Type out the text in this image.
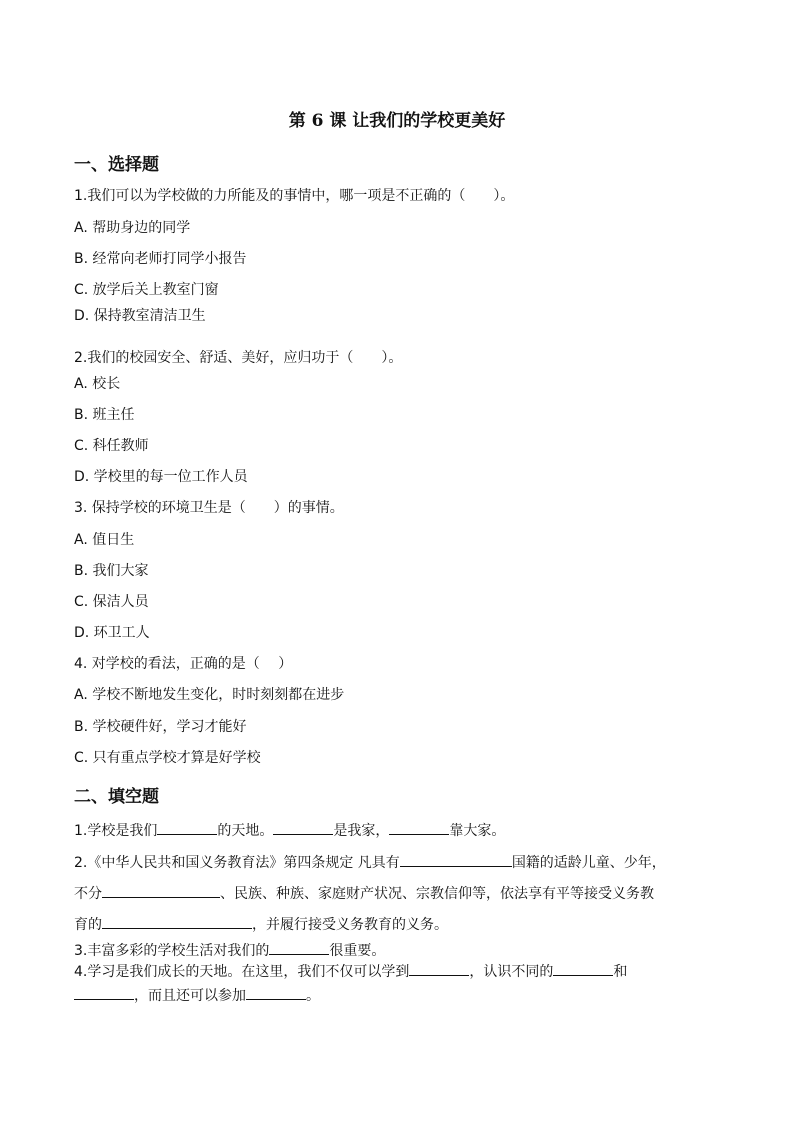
第 6 课 让我们的学校更美好
一、选择题
1.我们可以为学校做的力所能及的事情中，哪一项是不正确的（　　）。
A. 帮助身边的同学
B. 经常向老师打同学小报告
C. 放学后关上教室门窗
D. 保持教室清洁卫生
2.我们的校园安全、舒适、美好，应归功于（　　）。
A. 校长
B. 班主任
C. 科任教师
D. 学校里的每一位工作人员
3. 保持学校的环境卫生是（　　）的事情。
A. 值日生
B. 我们大家
C. 保洁人员
D. 环卫工人
4. 对学校的看法，正确的是（　 ）
A. 学校不断地发生变化，时时刻刻都在进步
B. 学校硬件好，学习才能好
C. 只有重点学校才算是好学校
二、填空题
1.学校是我们	的天地。	是我家，	靠大家。
2.《中华人民共和国义务教育法》第四条规定 凡具有	国籍的适龄儿童、少年，
不分	、民族、种族、家庭财产状况、宗教信仰等，依法享有平等接受义务教
育的	，并履行接受义务教育的义务。
3.丰富多彩的学校生活对我们的	很重要。
4.学习是我们成长的天地。在这里，我们不仅可以学到	，认识不同的	和
，而且还可以参加	。
